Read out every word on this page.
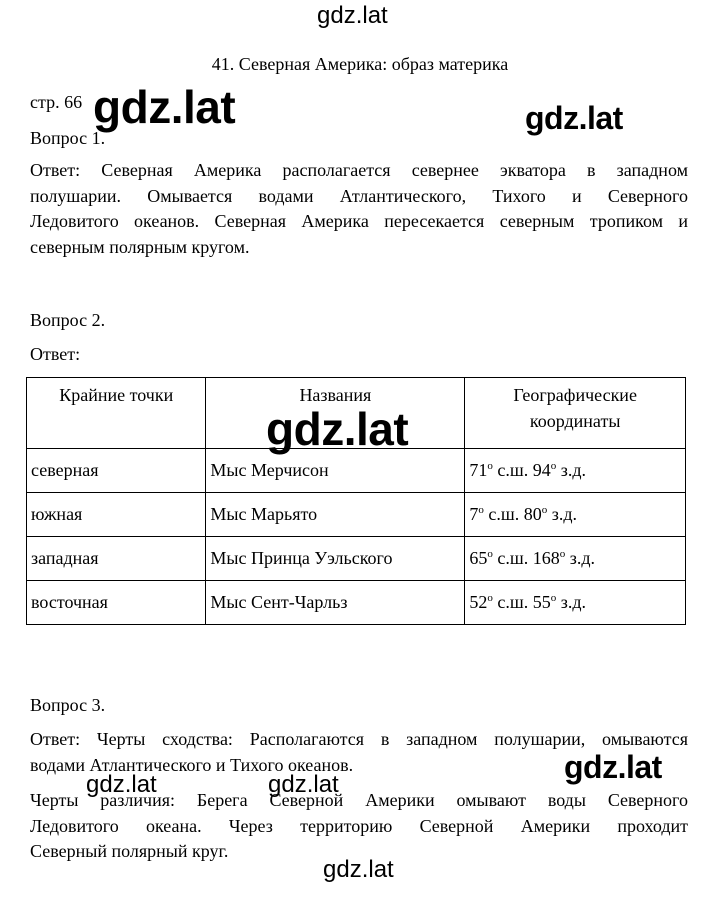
gdz.lat
41. Северная Америка: образ материка
стр. 66
Вопрос 1.
gdz.lat	gdz.lat
Ответ: Северная Америка располагается севернее экватора в западном
полушарии. Омывается водами Атлантического, Тихого и Северного
Ледовитого океанов. Северная Америка пересекается северным тропиком и
северным полярным кругом.
Вопрос 2.
Ответ:
Крайние точки	Названия	Географические координаты
северная	Мыс Мерчисон	71$^o$ с.ш. 94$^o$ з.д.
южная	Мыс Марьято	7$^o$ с.ш. 80$^o$ з.д.
западная	Мыс Принца Уэльского	65$^o$ с.ш. 168$^o$ з.д.
восточная	Мыс Сент-Чарльз	52$^o$ с.ш. 55$^o$ з.д.
gdz.lat
Вопрос 3.
Ответ: Черты сходства: Располагаются в западном полушарии, омываются
водами Атлантического и Тихого океанов.
Черты различия: Берега Северной Америки омывают воды Северного
Ледовитого океана. Через территорию Северной Америки проходит
Северный полярный круг.
gdz.lat	gdz.lat	gdz.lat
gdz.lat
